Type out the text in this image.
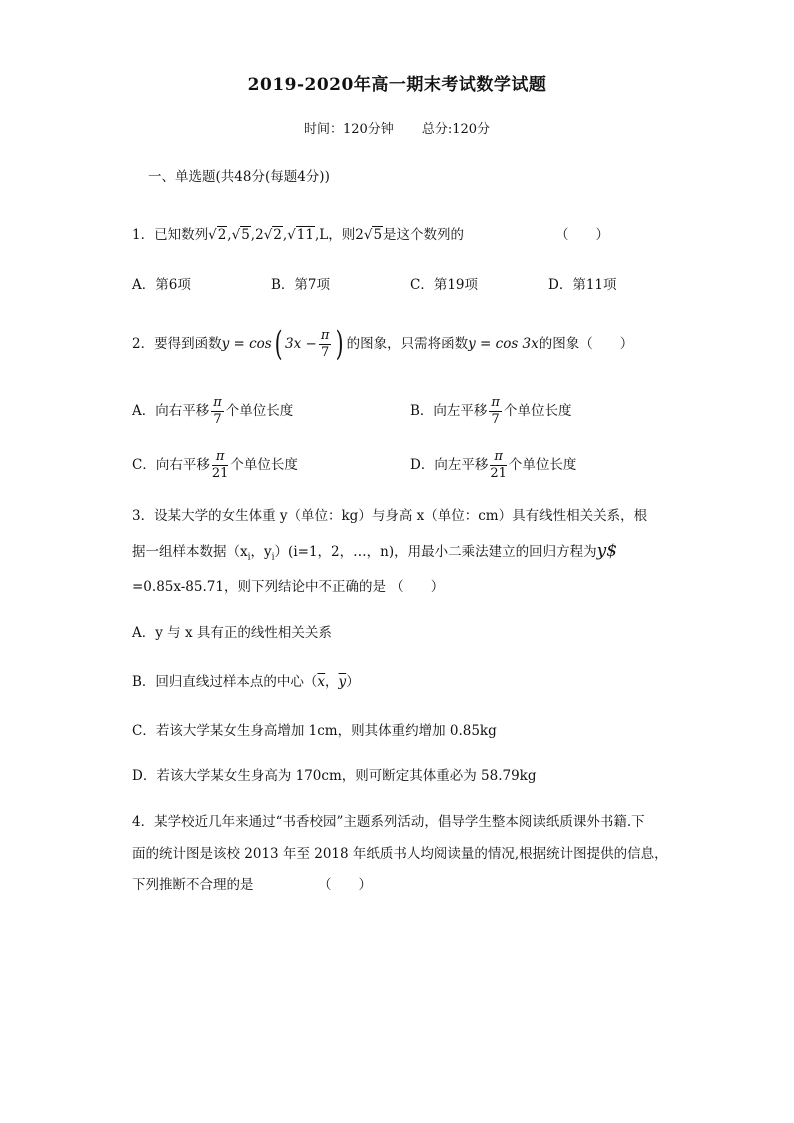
2019-2020年高一期末考试数学试题
时间：120分钟 总分:120分
一、单选题(共48分(每题4分))
1．已知数列√2,√5,2√2,√11,L，则2√5是这个数列的	（　　）
A．第6项	B．第7项	C．第19项	D．第11项
2．要得到函数 y = cos ( $3x - \frac{\pi}{7}$ ) 的图象，只需将函数 y = cos 3x 的图象（　　）
A．向右平移 $\frac{\pi}{7}$ 个单位长度	B．向左平移 $\frac{\pi}{7}$ 个单位长度
C．向右平移 $\frac{\pi}{21}$ 个单位长度	D．向左平移 $\frac{\pi}{21}$ 个单位长度
3．设某大学的女生体重 y（单位：kg）与身高 x（单位：cm）具有线性相关关系，根
据一组样本数据（$x_i$，$y_i)(i=1$，2，…，n)，用最小二乘法建立的回归方程为y$
=0.85x-85.71，则下列结论中不正确的是 （　　）
A．y 与 x 具有正的线性相关关系
B．回归直线过样本点的中心（$\overline{x}$，$\overline{y}$）
C．若该大学某女生身高增加 1cm，则其体重约增加 0.85kg
D．若该大学某女生身高为 170cm，则可断定其体重必为 58.79kg
4．某学校近几年来通过“书香校园”主题系列活动，倡导学生整本阅读纸质课外书籍.下
面的统计图是该校 2013 年至 2018 年纸质书人均阅读量的情况,根据统计图提供的信息，
下列推断不合理的是	（　　）
